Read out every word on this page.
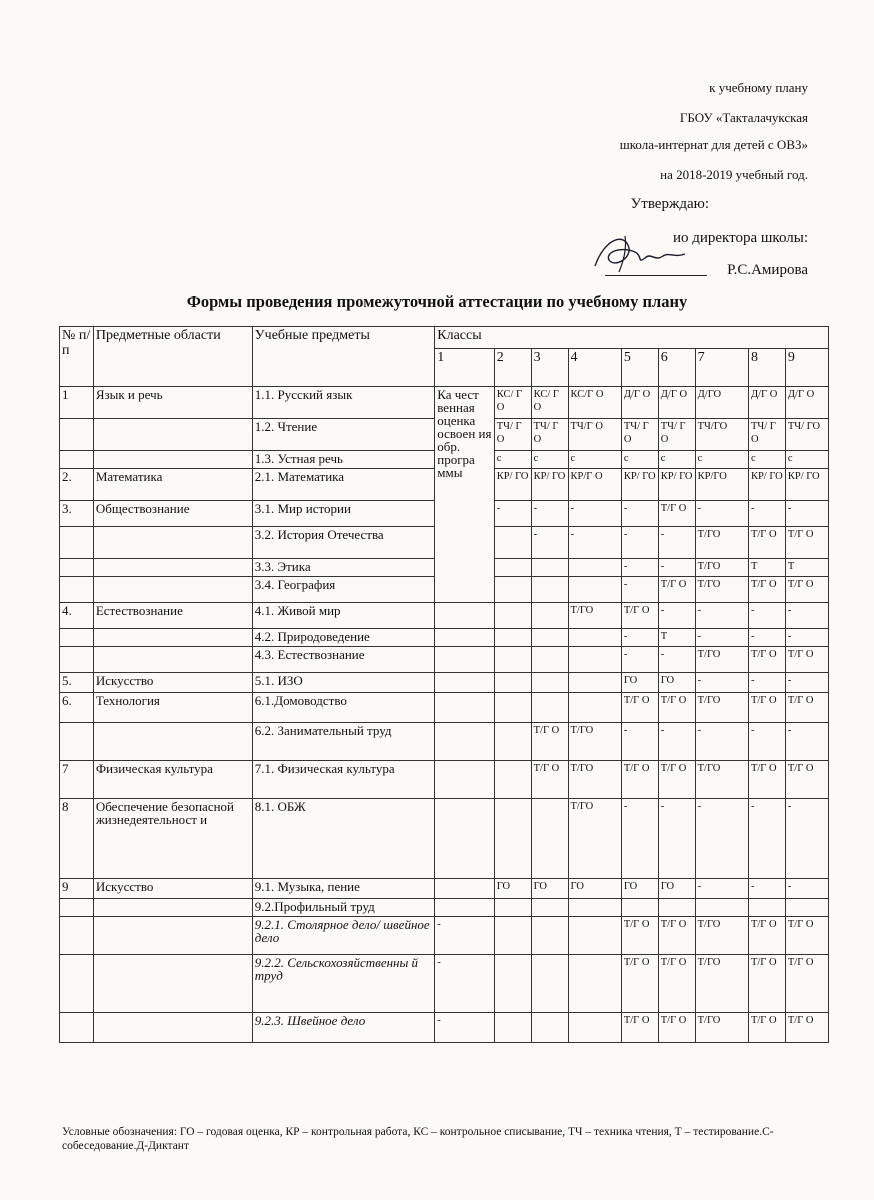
к учебному плану
ГБОУ «Такталачукская
школа-интернат для детей с ОВЗ»
на 2018-2019 учебный год.
Утверждаю:
ио директора школы:
Р.С.Амирова
Формы проведения промежуточной аттестации по учебному плану
№ п/п	Предметные области	Учебные предметы	Классы								
			1	2	3	4	5	6	7	8	9
1	Язык и речь	1.1. Русский язык	Ка чест венная оценка освоен ия обр. програ ммы	КС/ ГО	КС/ ГО	КС/Г О	Д/Г О	Д/Г О	Д/ГО	Д/Г О	Д/Г О
		1.2. Чтение		ТЧ/ ГО	ТЧ/ ГО	ТЧ/Г О	ТЧ/ ГО	ТЧ/ ГО	ТЧ/ГО	ТЧ/ ГО	ТЧ/ ГО
		1.3. Устная речь		с	с	с	с	с	с	с	с
2.	Математика	2.1. Математика		КР/ ГО	КР/ ГО	КР/Г О	КР/ ГО	КР/ ГО	КР/ГО	КР/ ГО	КР/ ГО
3.	Обществознание	3.1. Мир истории		-	-	-	-	Т/Г О	-	-	-
		3.2. История Отечества			-	-	-	-	Т/ГО	Т/Г О	Т/Г О
		3.3. Этика					-	-	Т/ГО	Т	Т
		3.4. География					-	Т/Г О	Т/ГО	Т/Г О	Т/Г О
4.	Естествознание	4.1. Живой мир				Т/ГО	Т/Г О	-	-	-	-
		4.2. Природоведение					-	Т	-	-	-
		4.3. Естествознание					-	-	Т/ГО	Т/Г О	Т/Г О
5.	Искусство	5.1. ИЗО					ГО	ГО	-	-	-
6.	Технология	6.1.Домоводство					Т/Г О	Т/Г О	Т/ГО	Т/Г О	Т/Г О
		6.2. Занимательный труд			Т/Г О	Т/ГО	-	-	-	-	-
7	Физическая культура	7.1. Физическая культура			Т/Г О	Т/ГО	Т/Г О	Т/Г О	Т/ГО	Т/Г О	Т/Г О
8	Обеспечение безопасной жизнедеятельност и	8.1. ОБЖ				Т/ГО	-	-	-	-	-
9	Искусство	9.1. Музыка, пение		ГО	ГО	ГО	ГО	ГО	-	-	-
		9.2.Профильный труд									
		9.2.1. Столярное дело/ швейное дело	-				Т/Г О	Т/Г О	Т/ГО	Т/Г О	Т/Г О
		9.2.2. Сельскохозяйственны й труд	-				Т/Г О	Т/Г О	Т/ГО	Т/Г О	Т/Г О
		9.2.3. Швейное дело	-				Т/Г О	Т/Г О	Т/ГО	Т/Г О	Т/Г О
Условные обозначения: ГО – годовая оценка, КР – контрольная работа, КС – контрольное списывание, ТЧ – техника чтения, Т – тестирование.С-собеседование.Д-Диктант
